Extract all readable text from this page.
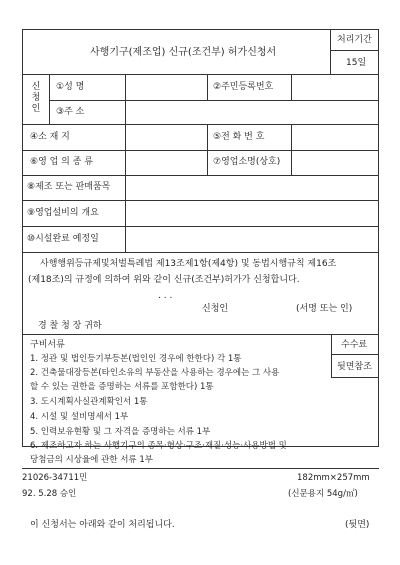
사행기구(제조업) 신규(조건부) 허가신청서
처리기간
15일
신청인
①성 명	②주민등록번호
③주 소
④소 재 지	⑤전 화 번 호
⑥영 업 의 종 류	⑦영업소명(상호)
⑧제조 또는 판매품목
⑨영업설비의 개요
⑩시설완료 예정일
사행행위등규제및처벌특례법 제13조제1항(제4항) 및 동법시행규칙 제16조
(제18조)의 규정에 의하여 위와 같이 신규(조건부)허가가 신청합니다.
. . .
신청인	(서명 또는 인)
경 찰 청 장 귀하
구비서류	수수료
뒷면참조
1. 정관 및 법인등기부등본(법인인 경우에 한한다) 각 1통
2. 건축물대장등본(타인소유의 부동산을 사용하는 경우에는 그 사용
할 수 있는 권한을 증명하는 서류를 포함한다) 1통
3. 도시계획사실관계확인서 1통
4. 시설 및 설비명세서 1부
5. 인력보유현황 및 그 자격을 증명하는 서류 1부
6. 제조하고자 하는 사행기구의 종목·형상·구조·재질·성능·사용방법 및
당첨금의 시상율에 관한 서류 1부
21026-34711민	182mm×257mm
92. 5.28 승인	(신문용지 54g/㎡)
이 신청서는 아래와 같이 처리됩니다.	(뒷면)
